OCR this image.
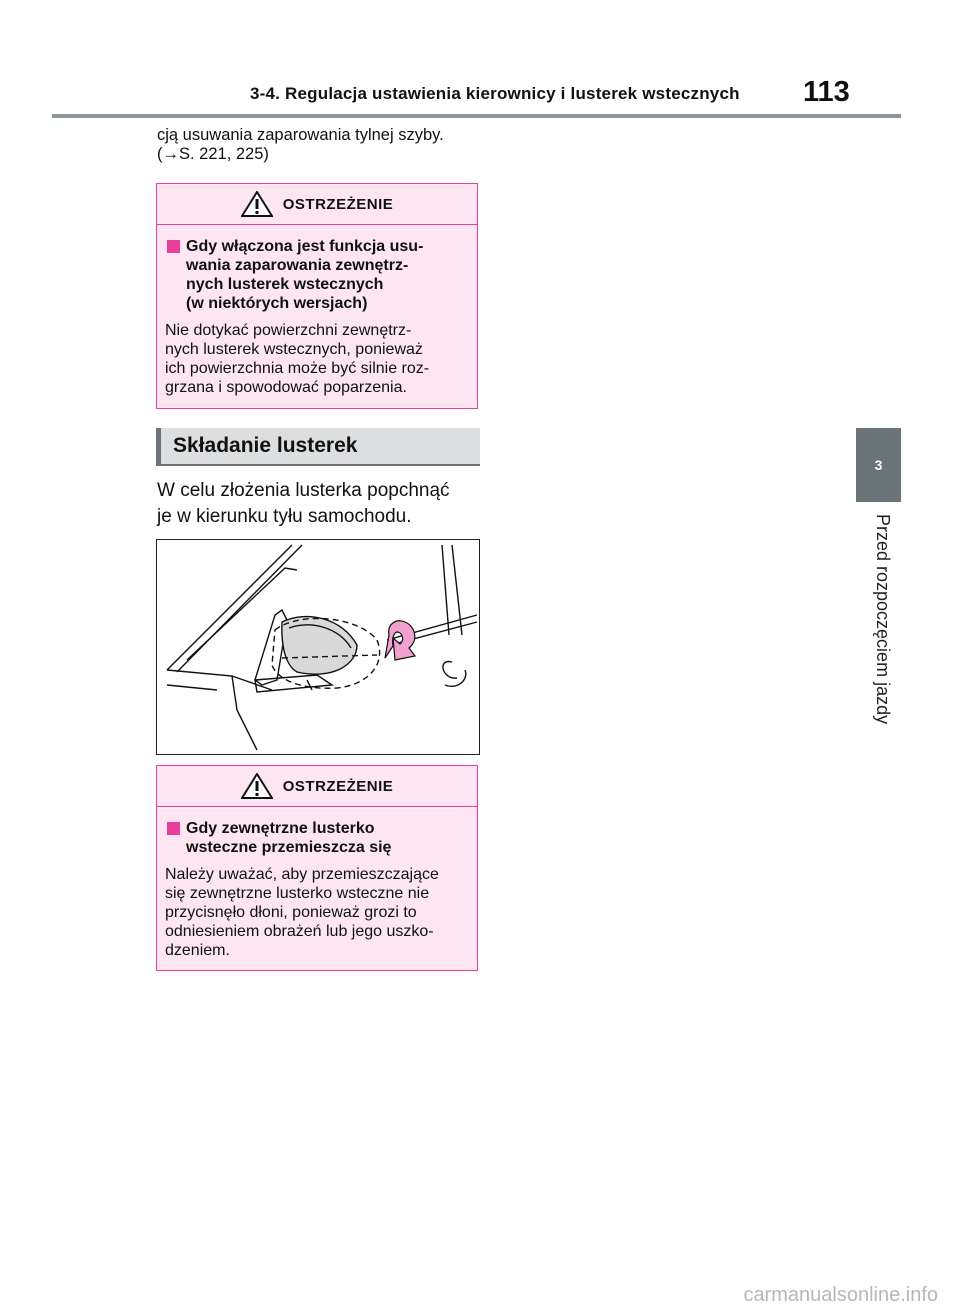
3-4. Regulacja ustawienia kierownicy i lusterek wstecznych 113
3
Przed rozpoczęciem jazdy
cją usuwania zaparowania tylnej szyby.
(→S. 221, 225)
OSTRZEŻENIE
Gdy włączona jest funkcja usu-
wania zaparowania zewnętrz-
nych lusterek wstecznych
(w niektórych wersjach)
Nie dotykać powierzchni zewnętrz-
nych lusterek wstecznych, ponieważ
ich powierzchnia może być silnie roz-
grzana i spowodować poparzenia.
Składanie lusterek

W celu złożenia lusterka popchnąć
je w kierunku tyłu samochodu.

OSTRZEŻENIE
Gdy zewnętrzne lusterko
wsteczne przemieszcza się
Należy uważać, aby przemieszczające
się zewnętrzne lusterko wsteczne nie
przycisnęło dłoni, ponieważ grozi to
odniesieniem obrażeń lub jego uszko-
dzeniem.
carmanualsonline.info
